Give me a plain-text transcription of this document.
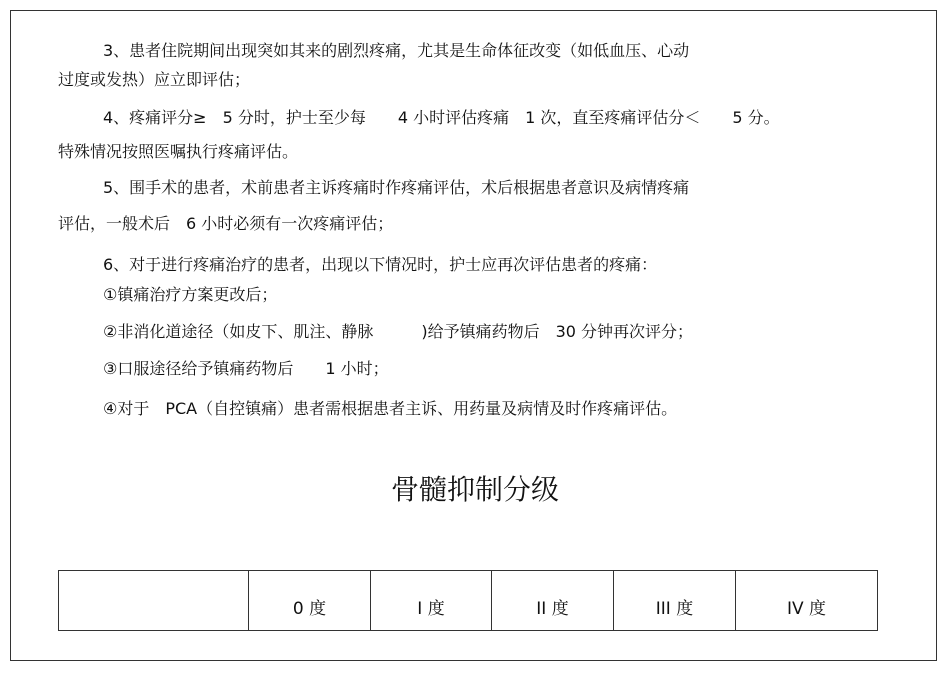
3、患者住院期间出现突如其来的剧烈疼痛，尤其是生命体征改变（如低血压、心动
过度或发热）应立即评估；
4、疼痛评分≥　5 分时，护士至少每　　4 小时评估疼痛　1 次，直至疼痛评估分＜　　5 分。
特殊情况按照医嘱执行疼痛评估。
5、围手术的患者，术前患者主诉疼痛时作疼痛评估，术后根据患者意识及病情疼痛
评估，一般术后　6 小时必须有一次疼痛评估；
6、对于进行疼痛治疗的患者，出现以下情况时，护士应再次评估患者的疼痛：
①镇痛治疗方案更改后；
②非消化道途径（如皮下、肌注、静脉　　　)给予镇痛药物后　30 分钟再次评分；
③口服途径给予镇痛药物后　　1 小时；
④对于　PCA（自控镇痛）患者需根据患者主诉、用药量及病情及时作疼痛评估。
骨髓抑制分级
	0 度	I 度	II 度	III 度	IV 度
